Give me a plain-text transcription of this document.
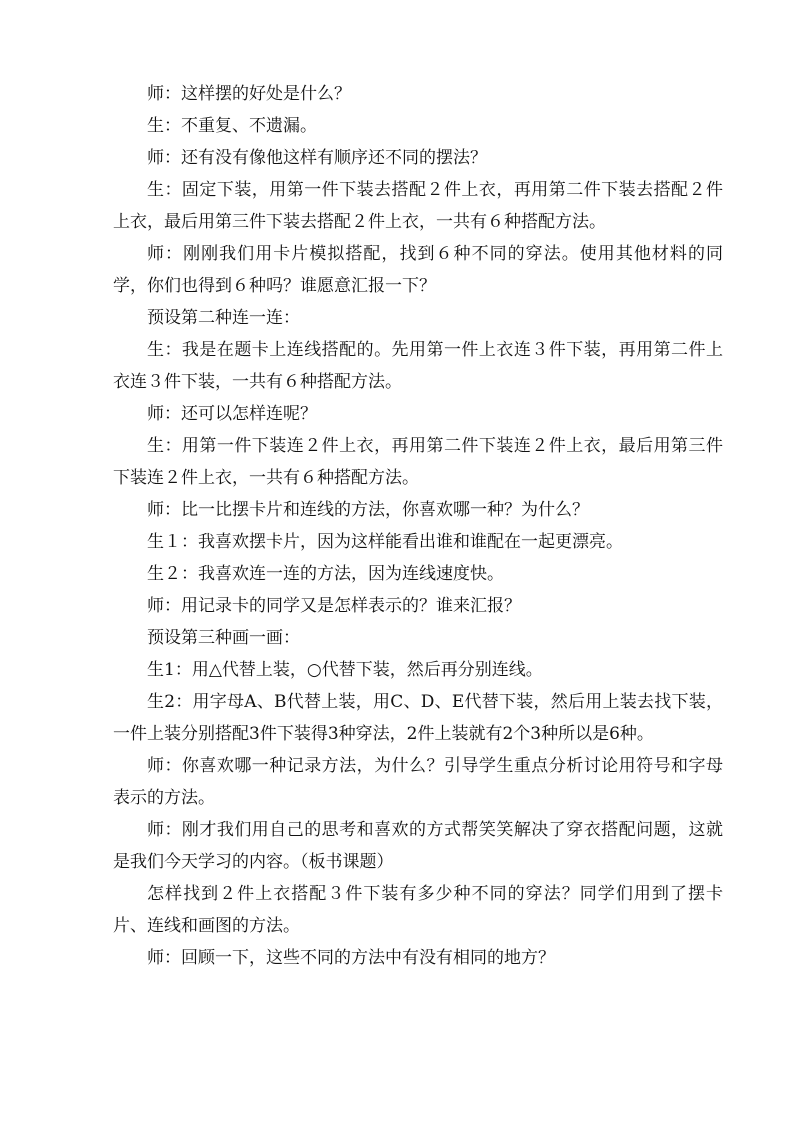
师：这样摆的好处是什么？

生：不重复、不遗漏。

师：还有没有像他这样有顺序还不同的摆法？

生：固定下装，用第一件下装去搭配２件上衣，再用第二件下装去搭配２件上衣，最后用第三件下装去搭配２件上衣，一共有６种搭配方法。

师：刚刚我们用卡片模拟搭配，找到６种不同的穿法。使用其他材料的同学，你们也得到６种吗？谁愿意汇报一下？

预设第二种连一连：

生：我是在题卡上连线搭配的。先用第一件上衣连３件下装，再用第二件上衣连３件下装，一共有６种搭配方法。

师：还可以怎样连呢？

生：用第一件下装连２件上衣，再用第二件下装连２件上衣，最后用第三件下装连２件上衣，一共有６种搭配方法。

师：比一比摆卡片和连线的方法，你喜欢哪一种？为什么？

生１：我喜欢摆卡片，因为这样能看出谁和谁配在一起更漂亮。

生２：我喜欢连一连的方法，因为连线速度快。

师：用记录卡的同学又是怎样表示的？谁来汇报？

预设第三种画一画：

生1：用△代替上装，○代替下装，然后再分别连线。

生2：用字母A、B代替上装，用C、D、E代替下装，然后用上装去找下装，一件上装分别搭配3件下装得3种穿法，2件上装就有2个3种所以是6种。

师：你喜欢哪一种记录方法，为什么？引导学生重点分析讨论用符号和字母表示的方法。

师：刚才我们用自己的思考和喜欢的方式帮笑笑解决了穿衣搭配问题，这就是我们今天学习的内容。（板书课题）

怎样找到２件上衣搭配３件下装有多少种不同的穿法？同学们用到了摆卡片、连线和画图的方法。

师：回顾一下，这些不同的方法中有没有相同的地方？
